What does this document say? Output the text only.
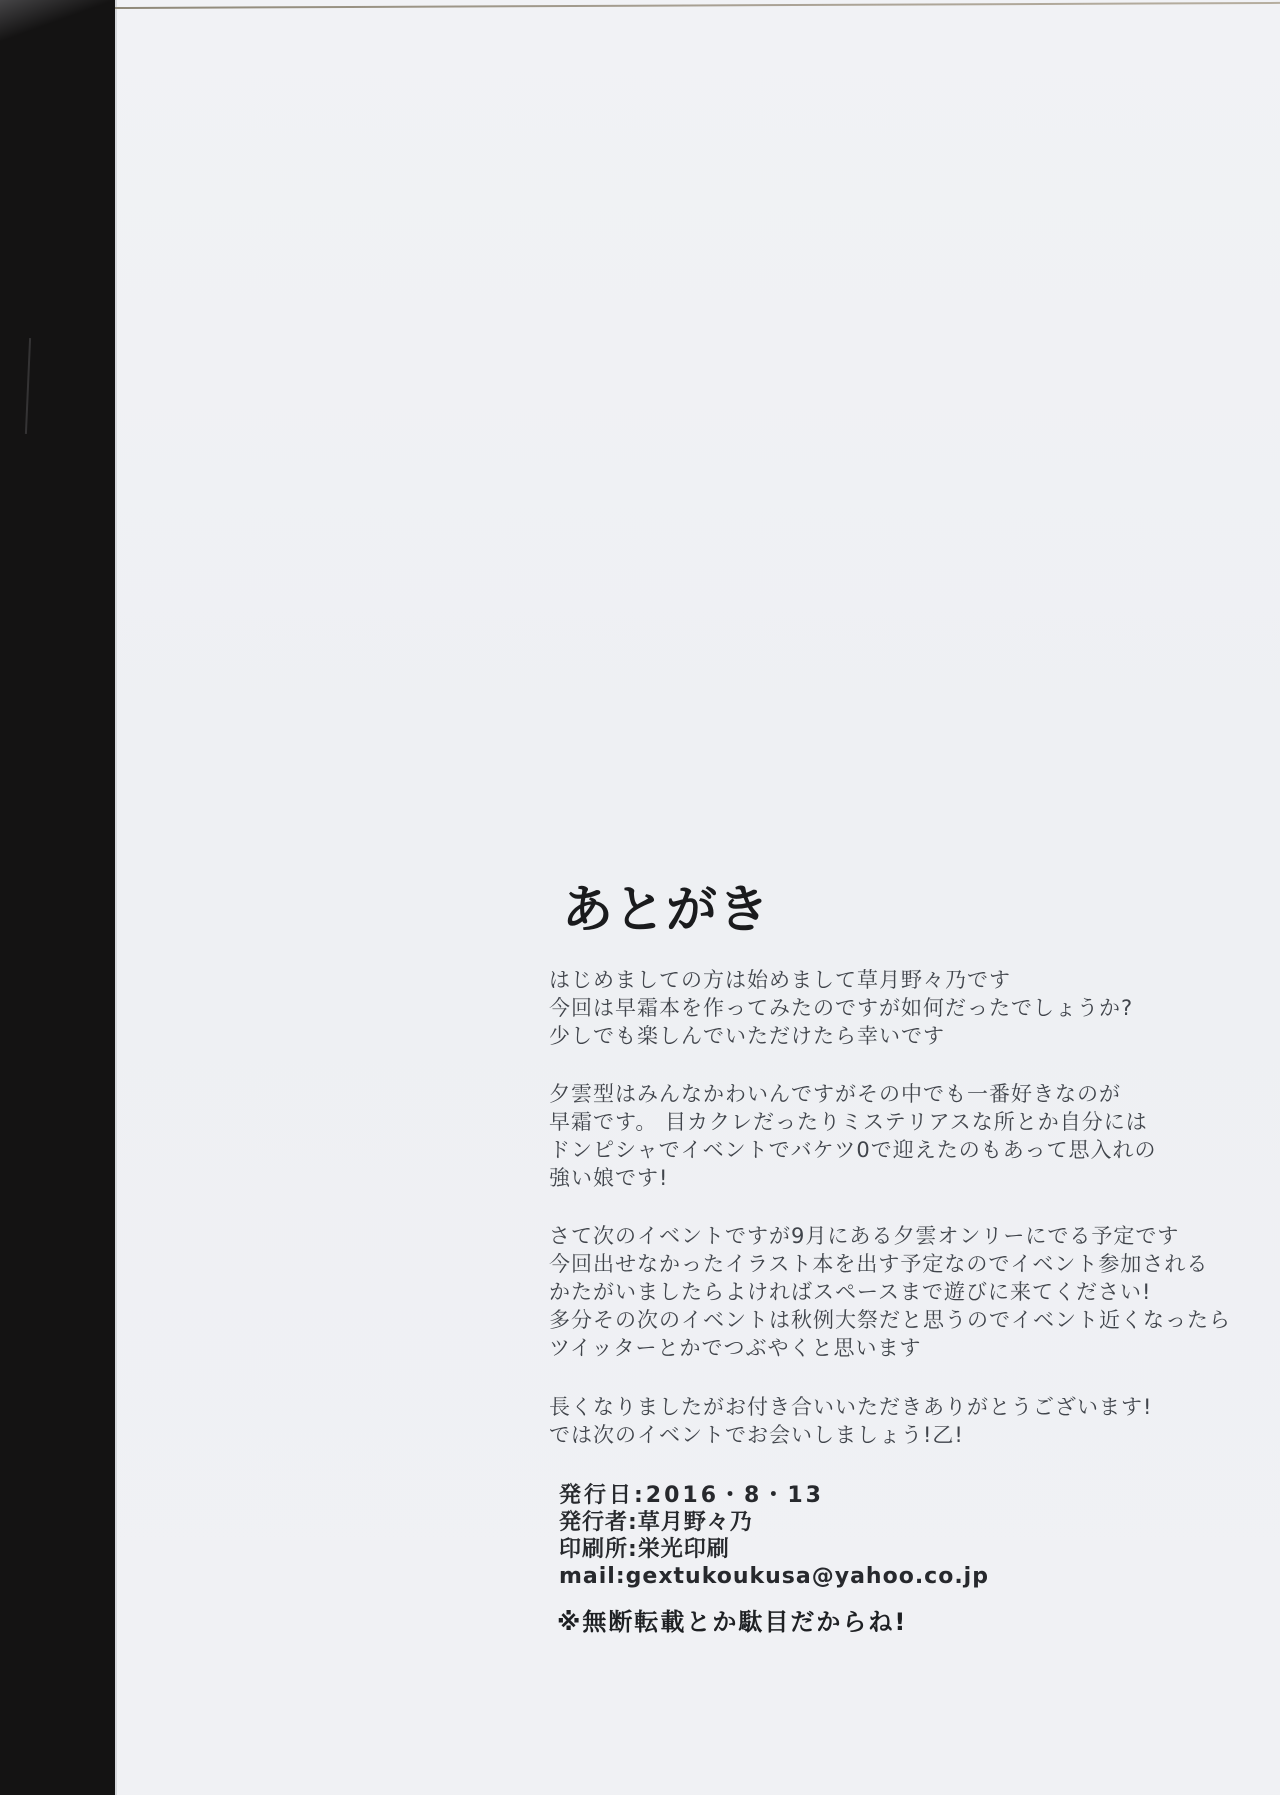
あとがき
はじめましての方は始めまして草月野々乃です
今回は早霜本を作ってみたのですが如何だったでしょうか?
少しでも楽しんでいただけたら幸いです
夕雲型はみんなかわいんですがその中でも一番好きなのが
早霜です。 目カクレだったりミステリアスな所とか自分には
ドンピシャでイベントでバケツ0で迎えたのもあって思入れの
強い娘です!
さて次のイベントですが9月にある夕雲オンリーにでる予定です
今回出せなかったイラスト本を出す予定なのでイベント参加される
かたがいましたらよければスペースまで遊びに来てください!
多分その次のイベントは秋例大祭だと思うのでイベント近くなったら
ツイッターとかでつぶやくと思います
長くなりましたがお付き合いいただきありがとうございます!
では次のイベントでお会いしましょう!乙!
発行日:2016・8・13
発行者:草月野々乃
印刷所:栄光印刷
mail:gextukoukusa@yahoo.co.jp
※無断転載とか駄目だからね!
